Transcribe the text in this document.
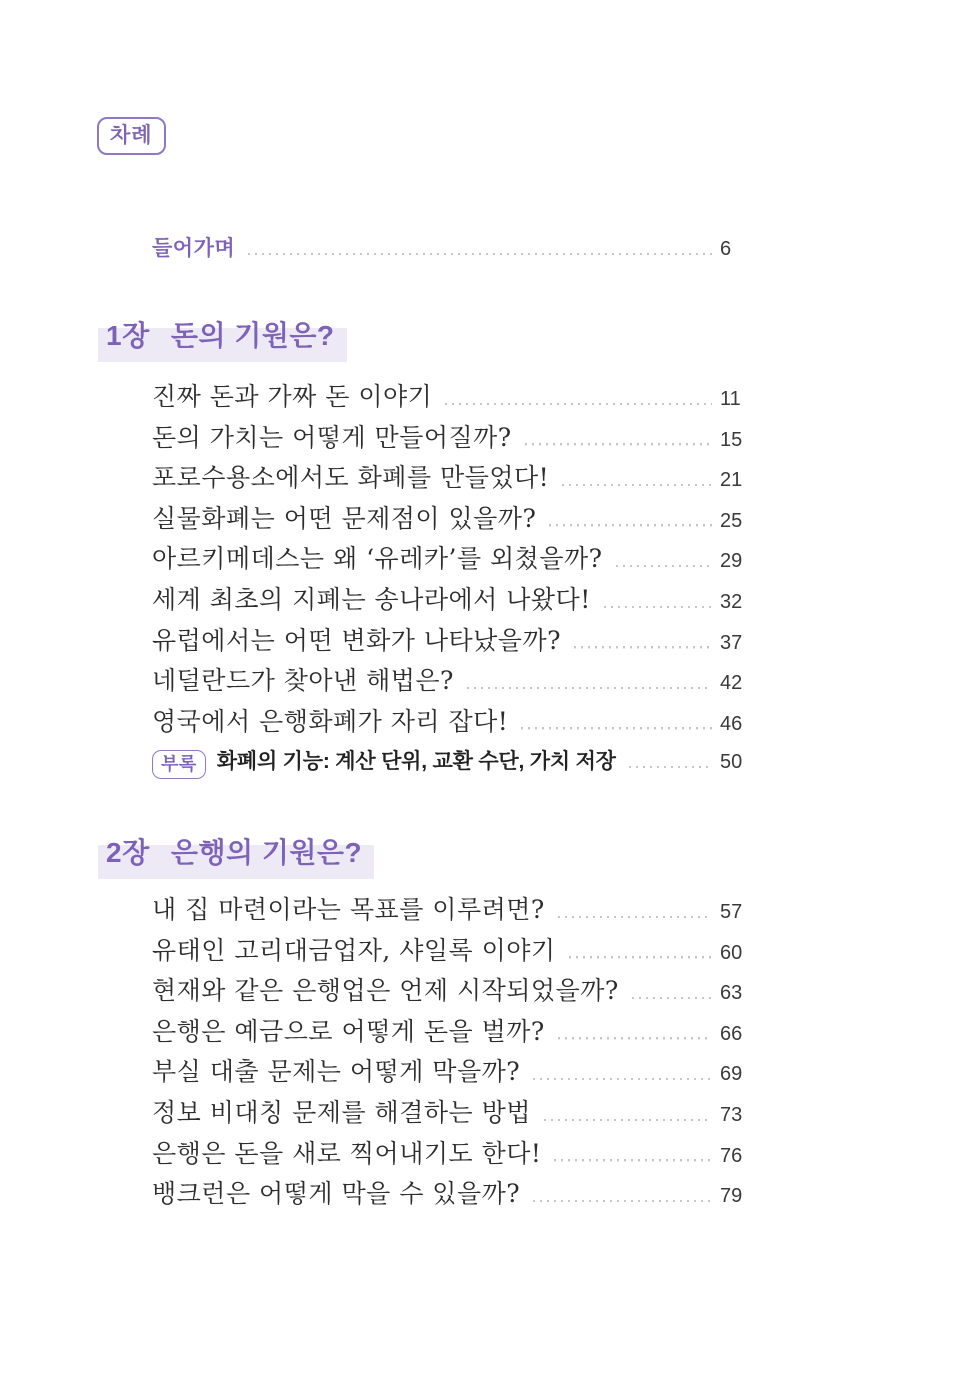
차례
들어가며	6
1장 돈의 기원은?
진짜 돈과 가짜 돈 이야기	11
돈의 가치는 어떻게 만들어질까?	15
포로수용소에서도 화폐를 만들었다!	21
실물화폐는 어떤 문제점이 있을까?	25
아르키메데스는 왜 ‘유레카’를 외쳤을까?	29
세계 최초의 지폐는 송나라에서 나왔다!	32
유럽에서는 어떤 변화가 나타났을까?	37
네덜란드가 찾아낸 해법은?	42
영국에서 은행화폐가 자리 잡다!	46
부록 화폐의 기능: 계산 단위, 교환 수단, 가치 저장	50
2장 은행의 기원은?
내 집 마련이라는 목표를 이루려면?	57
유태인 고리대금업자, 샤일록 이야기	60
현재와 같은 은행업은 언제 시작되었을까?	63
은행은 예금으로 어떻게 돈을 벌까?	66
부실 대출 문제는 어떻게 막을까?	69
정보 비대칭 문제를 해결하는 방법	73
은행은 돈을 새로 찍어내기도 한다!	76
뱅크런은 어떻게 막을 수 있을까?	79
